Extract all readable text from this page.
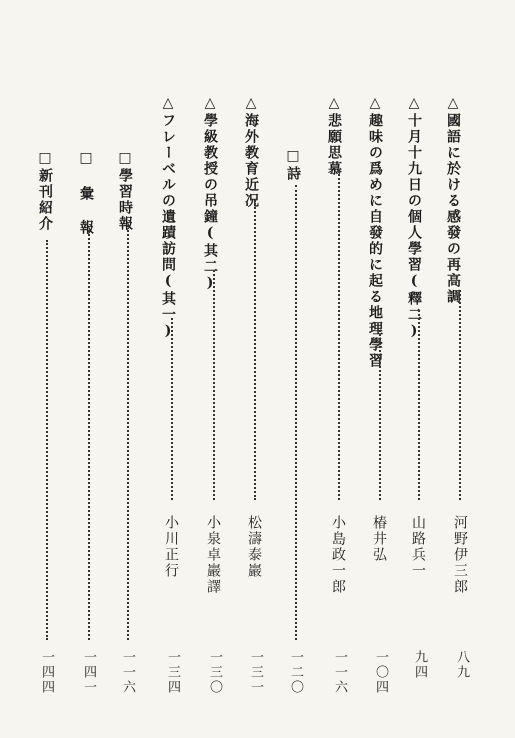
△國語に於ける感發の再高調
河野伊三郎
八九
△十月十九日の個人學習(釋二)
山路兵一
九四
△趣味の爲めに自發的に起る地理學習
椿井弘
一〇四
△悲願思慕
小島政一郎
一一六
□詩
一二〇
△海外教育近况
松濤泰巖
一三一
△學級教授の吊鐘(其二)
小泉卓巖譯
一三〇
△フレーベルの遺蹟訪問(其一)
小川正行
一三四
□學習時報
一一六
□彙報
一四一
□新刊紹介
一四四
